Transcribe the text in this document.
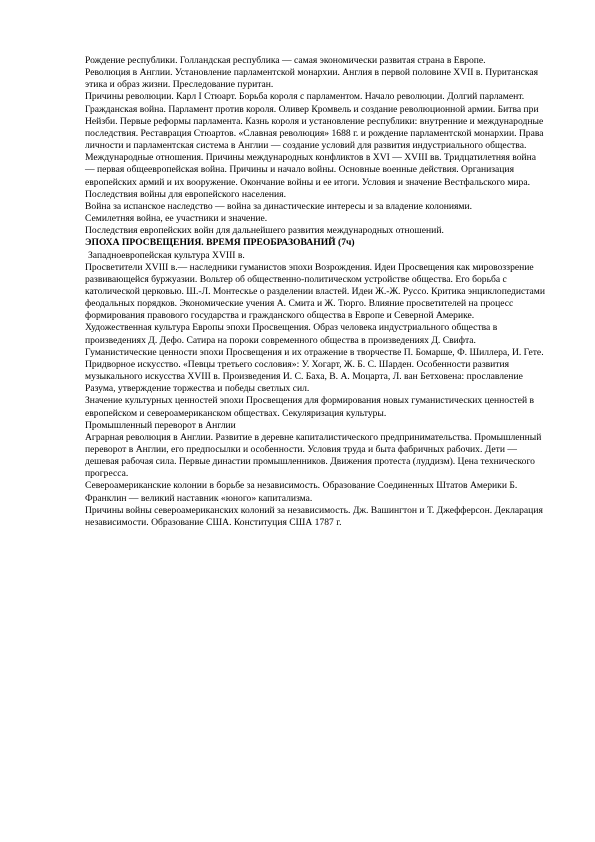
Рождение республики. Голландская республика — самая экономически развитая страна в Европе.

Революция в Англии. Установление парламентской монархии. Англия в первой половине XVII в. Пуританская этика и образ жизни. Преследование пуритан.

Причины революции. Карл I Стюарт. Борьба короля с парламентом. Начало революции. Долгий парламент. Гражданская война. Парламент против короля. Оливер Кромвель и создание революционной армии. Битва при Нейзби. Первые реформы парламента. Казнь короля и установление республики: внутренние и международные последствия. Реставрация Стюартов. «Славная революция» 1688 г. и рождение парламентской монархии. Права личности и парламентская система в Англии — создание условий для развития индустриального общества.

Международные отношения. Причины международных конфликтов в XVI — XVIII вв. Тридцатилетняя война — первая общеевропейская война. Причины и начало войны. Основные военные действия. Организация европейских армий и их вооружение. Окончание войны и ее итоги. Условия и значение Вестфальского мира. Последствия войны для европейского населения.

Война за испанское наследство — война за династические интересы и за владение колониями.

Семилетняя война, ее участники и значение.

Последствия европейских войн для дальнейшего развития международных отношений.

ЭПОХА ПРОСВЕЩЕНИЯ. ВРЕМЯ ПРЕОБРАЗОВАНИЙ (7ч)

Западноевропейская культура XVIII в.

Просветители XVIII в.— наследники гуманистов эпохи Возрождения. Идеи Просвещения как мировоззрение развивающейся буржуазии. Вольтер об общественно-политическом устройстве общества. Его борьба с католической церковью. Ш.-Л. Монтескье о разделении властей. Идеи Ж.-Ж. Руссо. Критика энциклопедистами феодальных порядков. Экономические учения А. Смита и Ж. Тюрго. Влияние просветителей на процесс формирования правового государства и гражданского общества в Европе и Северной Америке.

Художественная культура Европы эпохи Просвещения. Образ человека индустриального общества в произведениях Д. Дефо. Сатира на пороки современного общества в произведениях Д. Свифта. Гуманистические ценности эпохи Просвещения и их отражение в творчестве П. Бомарше, Ф. Шиллера, И. Гете. Придворное искусство. «Певцы третьего сословия»: У. Хогарт, Ж. Б. С. Шарден. Особенности развития музыкального искусства XVIII в. Произведения И. С. Баха, В. А. Моцарта, Л. ван Бетховена: прославление Разума, утверждение торжества и победы светлых сил.

Значение культурных ценностей эпохи Просвещения для формирования новых гуманистических ценностей в европейском и североамериканском обществах. Секуляризация культуры.

Промышленный переворот в Англии

Аграрная революция в Англии. Развитие в деревне капиталистического предпринимательства. Промышленный переворот в Англии, его предпосылки и особенности. Условия труда и быта фабричных рабочих. Дети — дешевая рабочая сила. Первые династии промышленников. Движения протеста (луддизм). Цена технического прогресса.

Североамериканские колонии в борьбе за независимость. Образование Соединенных Штатов Америки Б. Франклин — великий наставник «юного» капитализма.

Причины войны североамериканских колоний за независимость. Дж. Вашингтон и Т. Джефферсон. Декларация независимости. Образование США. Конституция США 1787 г.
